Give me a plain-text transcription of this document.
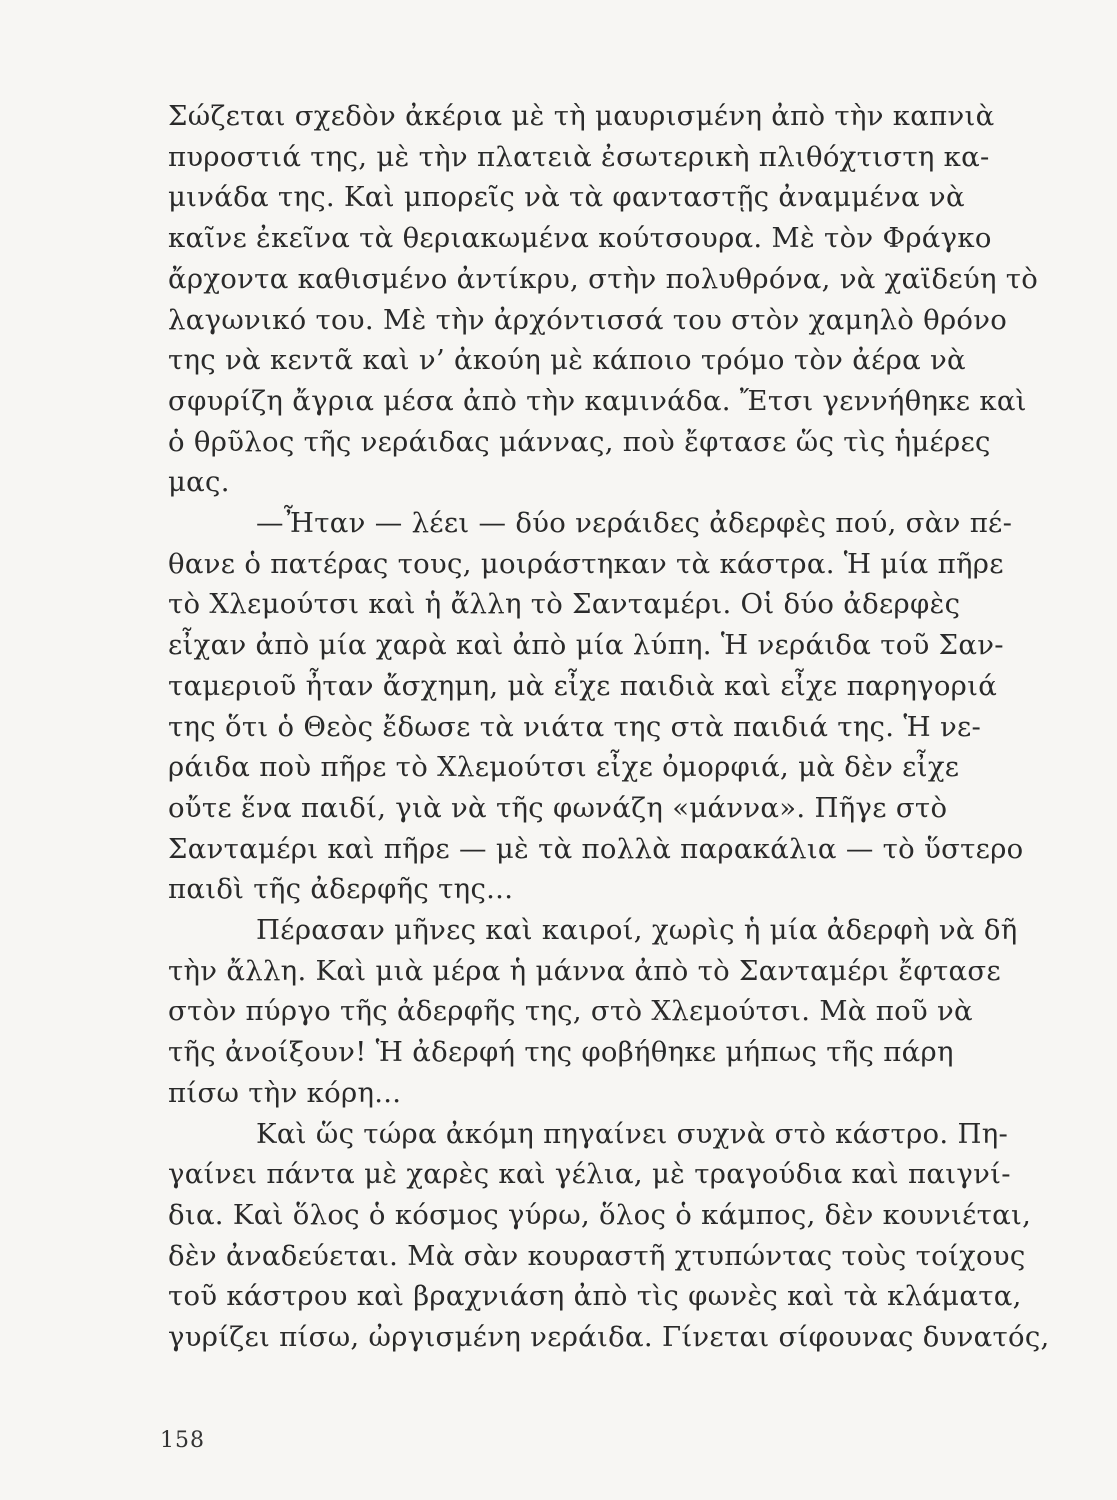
Σώζεται σχεδὸν ἀκέρια μὲ τὴ μαυρισμένη ἀπὸ τὴν καπνιὰ
πυροστιά της, μὲ τὴν πλατειὰ ἐσωτερικὴ πλιθόχτιστη κα-
μινάδα της. Καὶ μπορεῖς νὰ τὰ φανταστῇς ἀναμμένα νὰ
καῖνε ἐκεῖνα τὰ θεριακωμένα κούτσουρα. Μὲ τὸν Φράγκο
ἄρχοντα καθισμένο ἀντίκρυ, στὴν πολυθρόνα, νὰ χαϊδεύη τὸ
λαγωνικό του. Μὲ τὴν ἀρχόντισσά του στὸν χαμηλὸ θρόνο
της νὰ κεντᾶ καὶ ν’ ἀκούη μὲ κάποιο τρόμο τὸν ἀέρα νὰ
σφυρίζη ἄγρια μέσα ἀπὸ τὴν καμινάδα. Ἔτσι γεννήθηκε καὶ
ὁ θρῦλος τῆς νεράιδας μάννας, ποὺ ἔφτασε ὥς τὶς ἡμέρες
μας.
—Ἦταν — λέει — δύο νεράιδες ἀδερφὲς πού, σὰν πέ-
θανε ὁ πατέρας τους, μοιράστηκαν τὰ κάστρα. Ἡ μία πῆρε
τὸ Χλεμούτσι καὶ ἡ ἄλλη τὸ Σανταμέρι. Οἱ δύο ἀδερφὲς
εἶχαν ἀπὸ μία χαρὰ καὶ ἀπὸ μία λύπη. Ἡ νεράιδα τοῦ Σαν-
ταμεριοῦ ἦταν ἄσχημη, μὰ εἶχε παιδιὰ καὶ εἶχε παρηγοριά
της ὅτι ὁ Θεὸς ἔδωσε τὰ νιάτα της στὰ παιδιά της. Ἡ νε-
ράιδα ποὺ πῆρε τὸ Χλεμούτσι εἶχε ὀμορφιά, μὰ δὲν εἶχε
οὔτε ἕνα παιδί, γιὰ νὰ τῆς φωνάζη «μάννα». Πῆγε στὸ
Σανταμέρι καὶ πῆρε — μὲ τὰ πολλὰ παρακάλια — τὸ ὕστερο
παιδὶ τῆς ἀδερφῆς της...
Πέρασαν μῆνες καὶ καιροί, χωρὶς ἡ μία ἀδερφὴ νὰ δῆ
τὴν ἄλλη. Καὶ μιὰ μέρα ἡ μάννα ἀπὸ τὸ Σανταμέρι ἔφτασε
στὸν πύργο τῆς ἀδερφῆς της, στὸ Χλεμούτσι. Μὰ ποῦ νὰ
τῆς ἀνοίξουν! Ἡ ἀδερφή της φοβήθηκε μήπως τῆς πάρη
πίσω τὴν κόρη...
Καὶ ὥς τώρα ἀκόμη πηγαίνει συχνὰ στὸ κάστρο. Πη-
γαίνει πάντα μὲ χαρὲς καὶ γέλια, μὲ τραγούδια καὶ παιγνί-
δια. Καὶ ὅλος ὁ κόσμος γύρω, ὅλος ὁ κάμπος, δὲν κουνιέται,
δὲν ἀναδεύεται. Μὰ σὰν κουραστῆ χτυπώντας τοὺς τοίχους
τοῦ κάστρου καὶ βραχνιάση ἀπὸ τὶς φωνὲς καὶ τὰ κλάματα,
γυρίζει πίσω, ὠργισμένη νεράιδα. Γίνεται σίφουνας δυνατός,
158
